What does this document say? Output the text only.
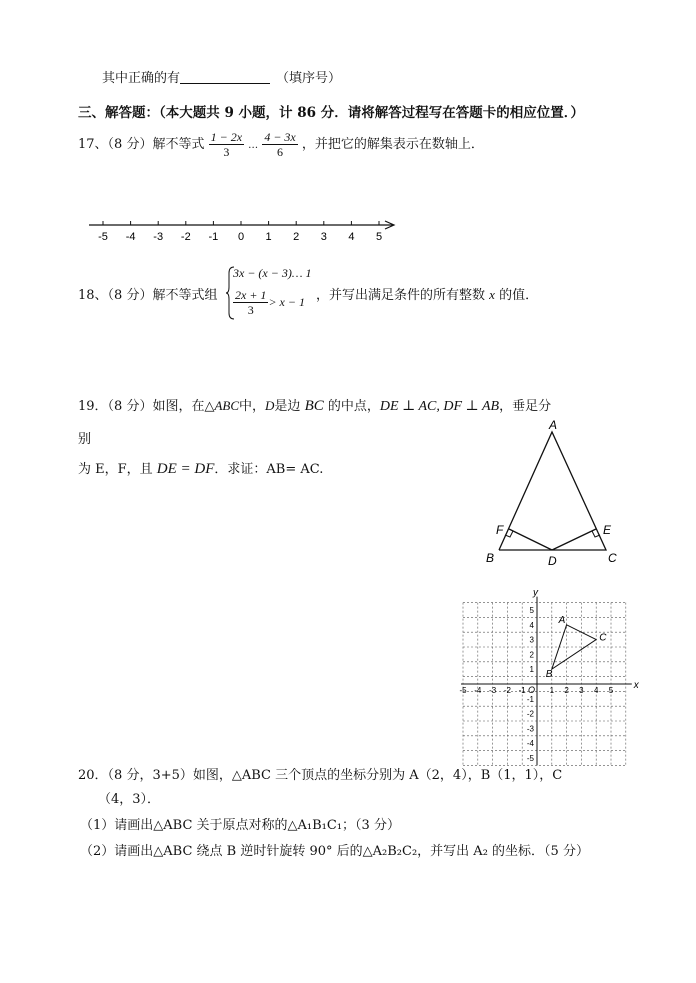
其中正确的有	（填序号）
三、解答题：（本大题共 9 小题，计 86 分．请将解答过程写在答题卡的相应位置．）
17、（8 分）解不等式 $\frac{1 - 2x}{3}$ … $\frac{4 - 3x}{6}$ ，并把它的解集表示在数轴上．
-5 -4 -3 -2 -1 0 1 2 3 4 5
18、（8 分）解不等式组
3x − (x − 3)… 1
$\frac{2x + 1}{3} > x - 1$ ，并写出满足条件的所有整数 x 的值．
19．（8 分）如图，在△ABC中，D是边 BC 的中点，DE ⊥ AC, DF ⊥ AB，垂足分
别
为 E，F，且 DE = DF．求证：AB= AC.
A
B	C
D
E
F
x
y
O
-5 -4 -3 -2 -1	1 2 3 4 5
5
4
3
2
1
-1
-2
-3
-4
-5
A
B
C
20．（8 分，3+5）如图，△ABC 三个顶点的坐标分别为 A（2，4），B（1，1），C
（4，3）．
（1）请画出△ABC 关于原点对称的△A₁B₁C₁；（3 分）
（2）请画出△ABC 绕点 B 逆时针旋转 90° 后的△A₂B₂C₂，并写出 A₂ 的坐标．（5 分）
